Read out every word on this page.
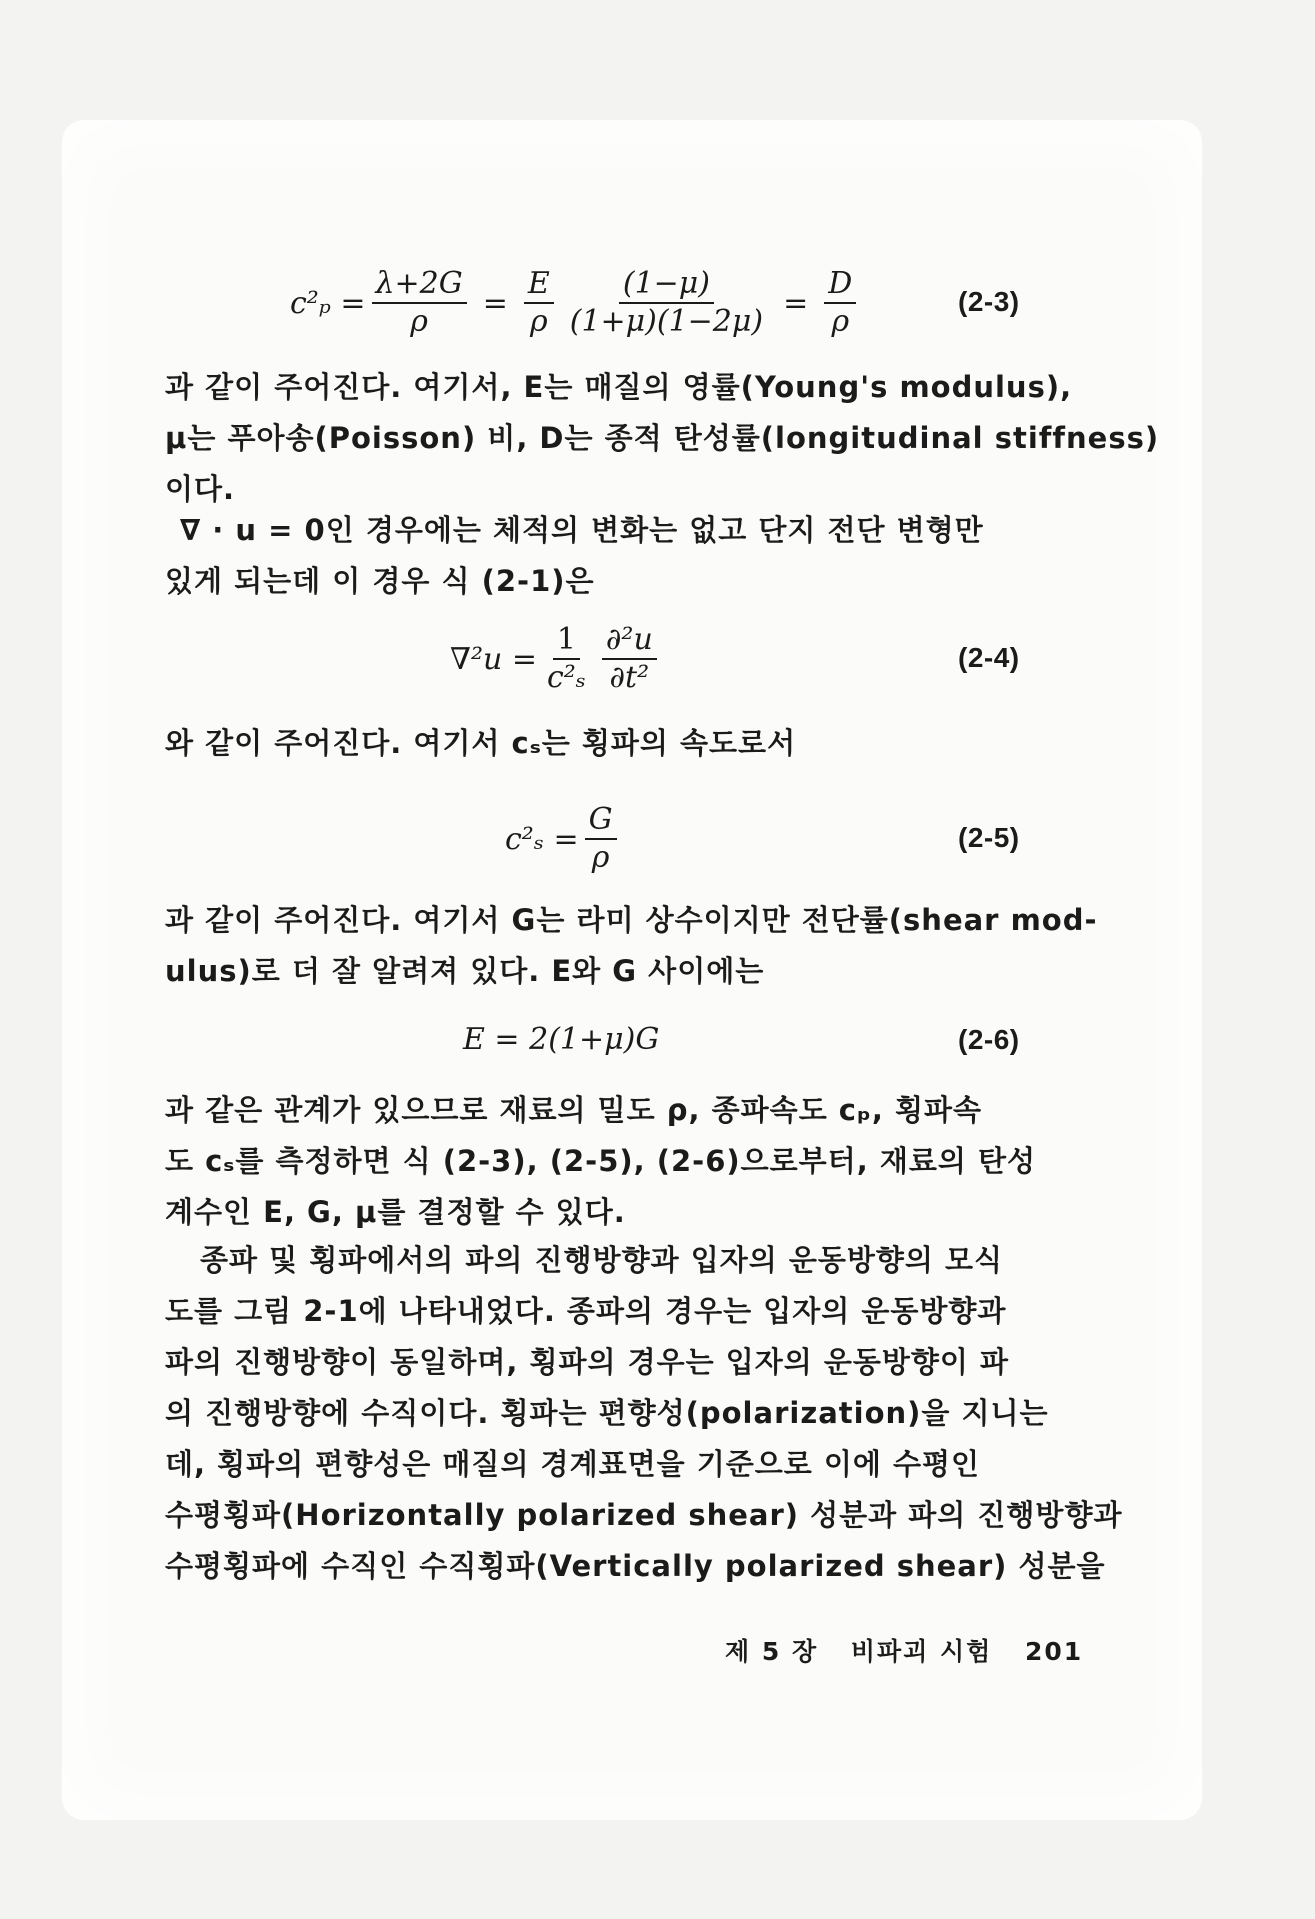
$c^2_p = \frac{\lambda+2G}{\rho} = \frac{E}{\rho} \frac{(1-\mu)}{(1+\mu)(1-2\mu)} = \frac{D}{\rho}$	(2-3)
과 같이 주어진다. 여기서, E는 매질의 영률(Young's modulus),
μ는 푸아송(Poisson) 비, D는 종적 탄성률(longitudinal stiffness)
이다.
∇ · u = 0인 경우에는 체적의 변화는 없고 단지 전단 변형만
있게 되는데 이 경우 식 (2-1)은
$\nabla^2u = \frac{1}{\text{c²ₛ}} \frac{\text{∂²u}}{\text{∂t²}}$	(2-4)
와 같이 주어진다. 여기서 cₛ는 횡파의 속도로서
$c^2_s = \frac{G}{\rho}$	(2-5)
과 같이 주어진다. 여기서 G는 라미 상수이지만 전단률(shear mod-
ulus)로 더 잘 알려져 있다. E와 G 사이에는
E = 2(1+μ)G	(2-6)
과 같은 관계가 있으므로 재료의 밀도 ρ, 종파속도 cₚ, 횡파속
도 cₛ를 측정하면 식 (2-3), (2-5), (2-6)으로부터, 재료의 탄성
계수인 E, G, μ를 결정할 수 있다.
종파 및 횡파에서의 파의 진행방향과 입자의 운동방향의 모식
도를 그림 2-1에 나타내었다. 종파의 경우는 입자의 운동방향과
파의 진행방향이 동일하며, 횡파의 경우는 입자의 운동방향이 파
의 진행방향에 수직이다. 횡파는 편향성(polarization)을 지니는
데, 횡파의 편향성은 매질의 경계표면을 기준으로 이에 수평인
수평횡파(Horizontally polarized shear) 성분과 파의 진행방향과
수평횡파에 수직인 수직횡파(Vertically polarized shear) 성분을
제 5 장 비파괴 시험 201
